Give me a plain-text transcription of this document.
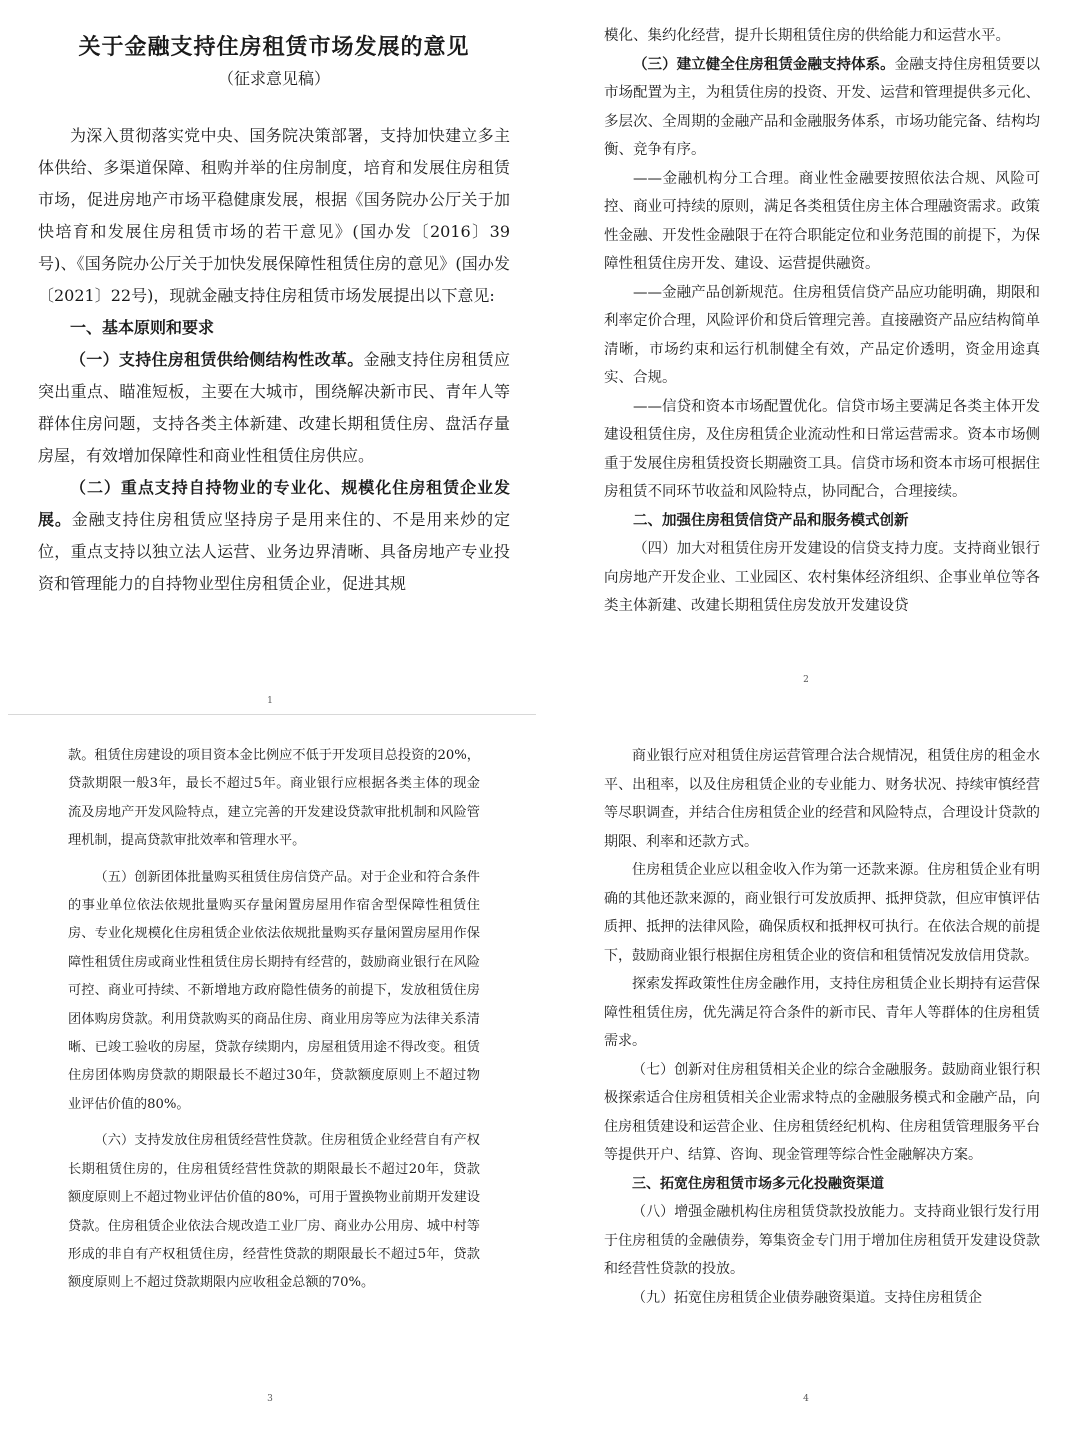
关于金融支持住房租赁市场发展的意见
（征求意见稿）

为深入贯彻落实党中央、国务院决策部署，支持加快建立多主体供给、多渠道保障、租购并举的住房制度，培育和发展住房租赁市场，促进房地产市场平稳健康发展，根据《国务院办公厅关于加快培育和发展住房租赁市场的若干意见》(国办发〔2016〕39号)、《国务院办公厅关于加快发展保障性租赁住房的意见》(国办发〔2021〕22号)，现就金融支持住房租赁市场发展提出以下意见:

一、基本原则和要求

（一）支持住房租赁供给侧结构性改革。金融支持住房租赁应突出重点、瞄准短板，主要在大城市，围绕解决新市民、青年人等群体住房问题，支持各类主体新建、改建长期租赁住房、盘活存量房屋，有效增加保障性和商业性租赁住房供应。

（二）重点支持自持物业的专业化、规模化住房租赁企业发展。金融支持住房租赁应坚持房子是用来住的、不是用来炒的定位，重点支持以独立法人运营、业务边界清晰、具备房地产专业投资和管理能力的自持物业型住房租赁企业，促进其规

1

模化、集约化经营，提升长期租赁住房的供给能力和运营水平。

（三）建立健全住房租赁金融支持体系。金融支持住房租赁要以市场配置为主，为租赁住房的投资、开发、运营和管理提供多元化、多层次、全周期的金融产品和金融服务体系，市场功能完备、结构均衡、竞争有序。

——金融机构分工合理。商业性金融要按照依法合规、风险可控、商业可持续的原则，满足各类租赁住房主体合理融资需求。政策性金融、开发性金融限于在符合职能定位和业务范围的前提下，为保障性租赁住房开发、建设、运营提供融资。

——金融产品创新规范。住房租赁信贷产品应功能明确，期限和利率定价合理，风险评价和贷后管理完善。直接融资产品应结构简单清晰，市场约束和运行机制健全有效，产品定价透明，资金用途真实、合规。

——信贷和资本市场配置优化。信贷市场主要满足各类主体开发建设租赁住房，及住房租赁企业流动性和日常运营需求。资本市场侧重于发展住房租赁投资长期融资工具。信贷市场和资本市场可根据住房租赁不同环节收益和风险特点，协同配合，合理接续。

二、加强住房租赁信贷产品和服务模式创新

（四）加大对租赁住房开发建设的信贷支持力度。支持商业银行向房地产开发企业、工业园区、农村集体经济组织、企事业单位等各类主体新建、改建长期租赁住房发放开发建设贷

2

款。租赁住房建设的项目资本金比例应不低于开发项目总投资的20%，贷款期限一般3年，最长不超过5年。商业银行应根据各类主体的现金流及房地产开发风险特点，建立完善的开发建设贷款审批机制和风险管理机制，提高贷款审批效率和管理水平。

（五）创新团体批量购买租赁住房信贷产品。对于企业和符合条件的事业单位依法依规批量购买存量闲置房屋用作宿舍型保障性租赁住房、专业化规模化住房租赁企业依法依规批量购买存量闲置房屋用作保障性租赁住房或商业性租赁住房长期持有经营的，鼓励商业银行在风险可控、商业可持续、不新增地方政府隐性债务的前提下，发放租赁住房团体购房贷款。利用贷款购买的商品住房、商业用房等应为法律关系清晰、已竣工验收的房屋，贷款存续期内，房屋租赁用途不得改变。租赁住房团体购房贷款的期限最长不超过30年，贷款额度原则上不超过物业评估价值的80%。

（六）支持发放住房租赁经营性贷款。住房租赁企业经营自有产权长期租赁住房的，住房租赁经营性贷款的期限最长不超过20年，贷款额度原则上不超过物业评估价值的80%，可用于置换物业前期开发建设贷款。住房租赁企业依法合规改造工业厂房、商业办公用房、城中村等形成的非自有产权租赁住房，经营性贷款的期限最长不超过5年，贷款额度原则上不超过贷款期限内应收租金总额的70%。

3

商业银行应对租赁住房运营管理合法合规情况，租赁住房的租金水平、出租率，以及住房租赁企业的专业能力、财务状况、持续审慎经营等尽职调查，并结合住房租赁企业的经营和风险特点，合理设计贷款的期限、利率和还款方式。

住房租赁企业应以租金收入作为第一还款来源。住房租赁企业有明确的其他还款来源的，商业银行可发放质押、抵押贷款，但应审慎评估质押、抵押的法律风险，确保质权和抵押权可执行。在依法合规的前提下，鼓励商业银行根据住房租赁企业的资信和租赁情况发放信用贷款。

探索发挥政策性住房金融作用，支持住房租赁企业长期持有运营保障性租赁住房，优先满足符合条件的新市民、青年人等群体的住房租赁需求。

（七）创新对住房租赁相关企业的综合金融服务。鼓励商业银行积极探索适合住房租赁相关企业需求特点的金融服务模式和金融产品，向住房租赁建设和运营企业、住房租赁经纪机构、住房租赁管理服务平台等提供开户、结算、咨询、现金管理等综合性金融解决方案。

三、拓宽住房租赁市场多元化投融资渠道

（八）增强金融机构住房租赁贷款投放能力。支持商业银行发行用于住房租赁的金融债券，筹集资金专门用于增加住房租赁开发建设贷款和经营性贷款的投放。

（九）拓宽住房租赁企业债券融资渠道。支持住房租赁企

4
